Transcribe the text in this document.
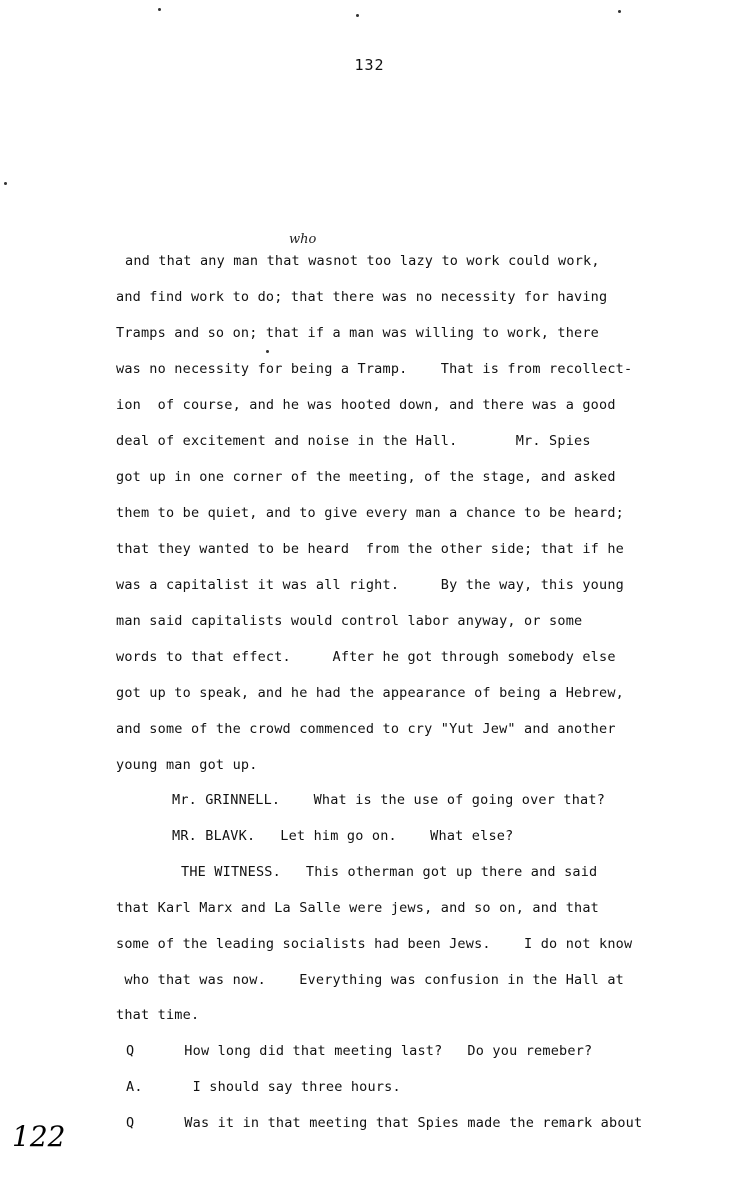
132
who
and that any man that wasnot too lazy to work could work,
and find work to do; that there was no necessity for having
Tramps and so on; that if a man was willing to work, there
was no necessity for being a Tramp.    That is from recollect-
ion  of course, and he was hooted down, and there was a good
deal of excitement and noise in the Hall.       Mr. Spies
got up in one corner of the meeting, of the stage, and asked
them to be quiet, and to give every man a chance to be heard;
that they wanted to be heard  from the other side; that if he
was a capitalist it was all right.     By the way, this young
man said capitalists would control labor anyway, or some
words to that effect.     After he got through somebody else
got up to speak, and he had the appearance of being a Hebrew,
and some of the crowd commenced to cry "Yut Jew" and another
young man got up.
Mr. GRINNELL.    What is the use of going over that?
MR. BLAVK.   Let him go on.    What else?
THE WITNESS.   This otherman got up there and said
that Karl Marx and La Salle were jews, and so on, and that
some of the leading socialists had been Jews.    I do not know
who that was now.    Everything was confusion in the Hall at
that time.
Q      How long did that meeting last?   Do you remeber?
A.      I should say three hours.
Q      Was it in that meeting that Spies made the remark about
122
